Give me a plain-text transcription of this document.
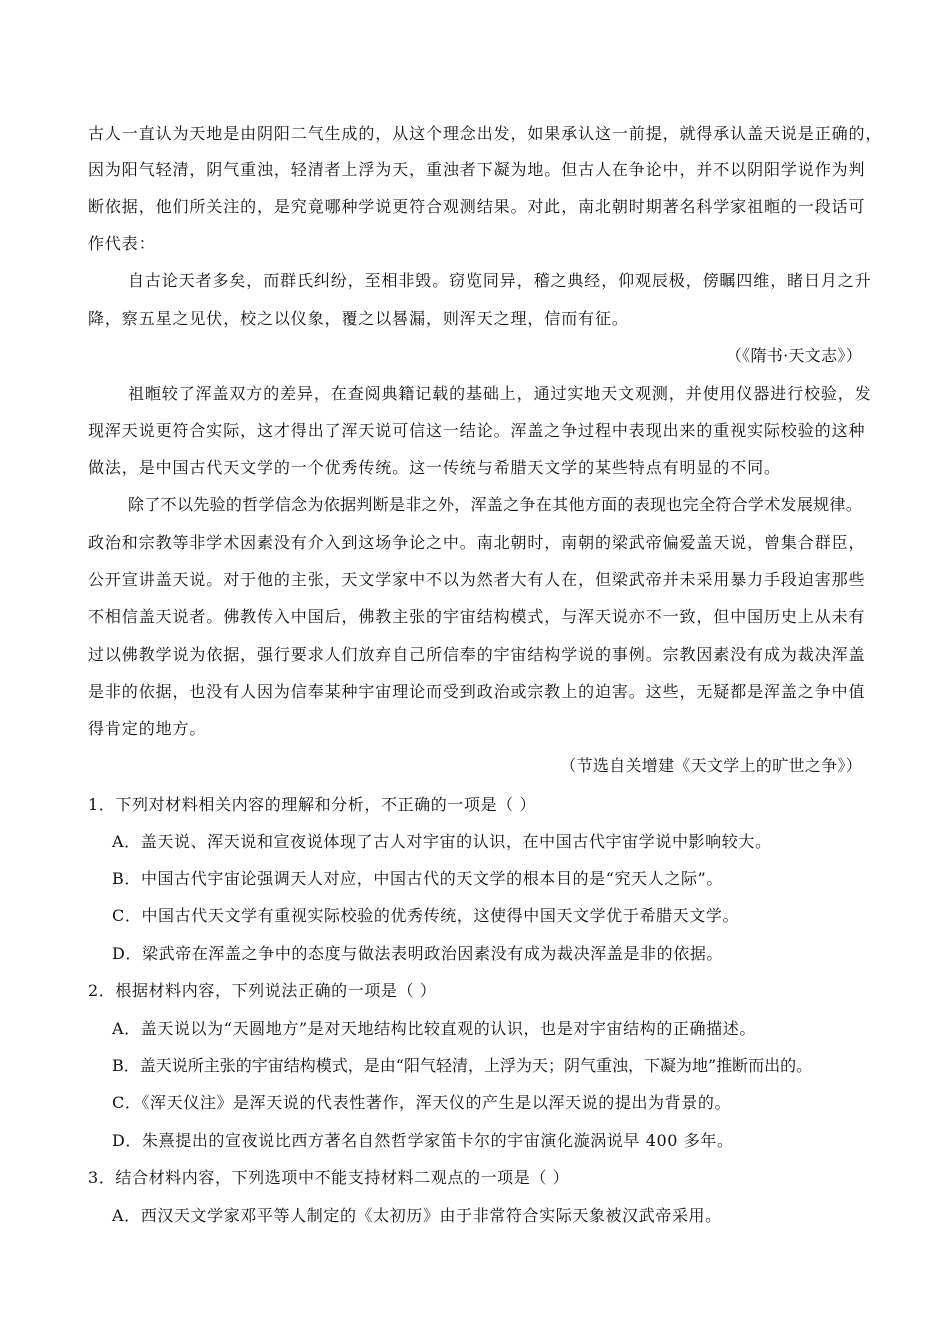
古人一直认为天地是由阴阳二气生成的，从这个理念出发，如果承认这一前提，就得承认盖天说是正确的，
因为阳气轻清，阴气重浊，轻清者上浮为天，重浊者下凝为地。但古人在争论中，并不以阴阳学说作为判
断依据，他们所关注的，是究竟哪种学说更符合观测结果。对此，南北朝时期著名科学家祖暅的一段话可
作代表：
自古论天者多矣，而群氏纠纷，至相非毁。窃览同异，稽之典经，仰观辰极，傍瞩四维，睹日月之升
降，察五星之见伏，校之以仪象，覆之以晷漏，则浑天之理，信而有征。
（《隋书·天文志》）
祖暅较了浑盖双方的差异，在查阅典籍记载的基础上，通过实地天文观测，并使用仪器进行校验，发
现浑天说更符合实际，这才得出了浑天说可信这一结论。浑盖之争过程中表现出来的重视实际校验的这种
做法，是中国古代天文学的一个优秀传统。这一传统与希腊天文学的某些特点有明显的不同。
除了不以先验的哲学信念为依据判断是非之外，浑盖之争在其他方面的表现也完全符合学术发展规律。
政治和宗教等非学术因素没有介入到这场争论之中。南北朝时，南朝的梁武帝偏爱盖天说，曾集合群臣，
公开宣讲盖天说。对于他的主张，天文学家中不以为然者大有人在，但梁武帝并未采用暴力手段迫害那些
不相信盖天说者。佛教传入中国后，佛教主张的宇宙结构模式，与浑天说亦不一致，但中国历史上从未有
过以佛教学说为依据，强行要求人们放弃自己所信奉的宇宙结构学说的事例。宗教因素没有成为裁决浑盖
是非的依据，也没有人因为信奉某种宇宙理论而受到政治或宗教上的迫害。这些，无疑都是浑盖之争中值
得肯定的地方。
（节选自关增建《天文学上的旷世之争》）
1．下列对材料相关内容的理解和分析，不正确的一项是（ ）
A．盖天说、浑天说和宣夜说体现了古人对宇宙的认识，在中国古代宇宙学说中影响较大。
B．中国古代宇宙论强调天人对应，中国古代的天文学的根本目的是“究天人之际”。
C．中国古代天文学有重视实际校验的优秀传统，这使得中国天文学优于希腊天文学。
D．梁武帝在浑盖之争中的态度与做法表明政治因素没有成为裁决浑盖是非的依据。
2．根据材料内容，下列说法正确的一项是（ ）
A．盖天说以为“天圆地方”是对天地结构比较直观的认识，也是对宇宙结构的正确描述。
B．盖天说所主张的宇宙结构模式，是由“阳气轻清，上浮为天；阴气重浊，下凝为地”推断而出的。
C．《浑天仪注》是浑天说的代表性著作，浑天仪的产生是以浑天说的提出为背景的。
D．朱熹提出的宣夜说比西方著名自然哲学家笛卡尔的宇宙演化漩涡说早 400 多年。
3．结合材料内容，下列选项中不能支持材料二观点的一项是（ ）
A．西汉天文学家邓平等人制定的《太初历》由于非常符合实际天象被汉武帝采用。
